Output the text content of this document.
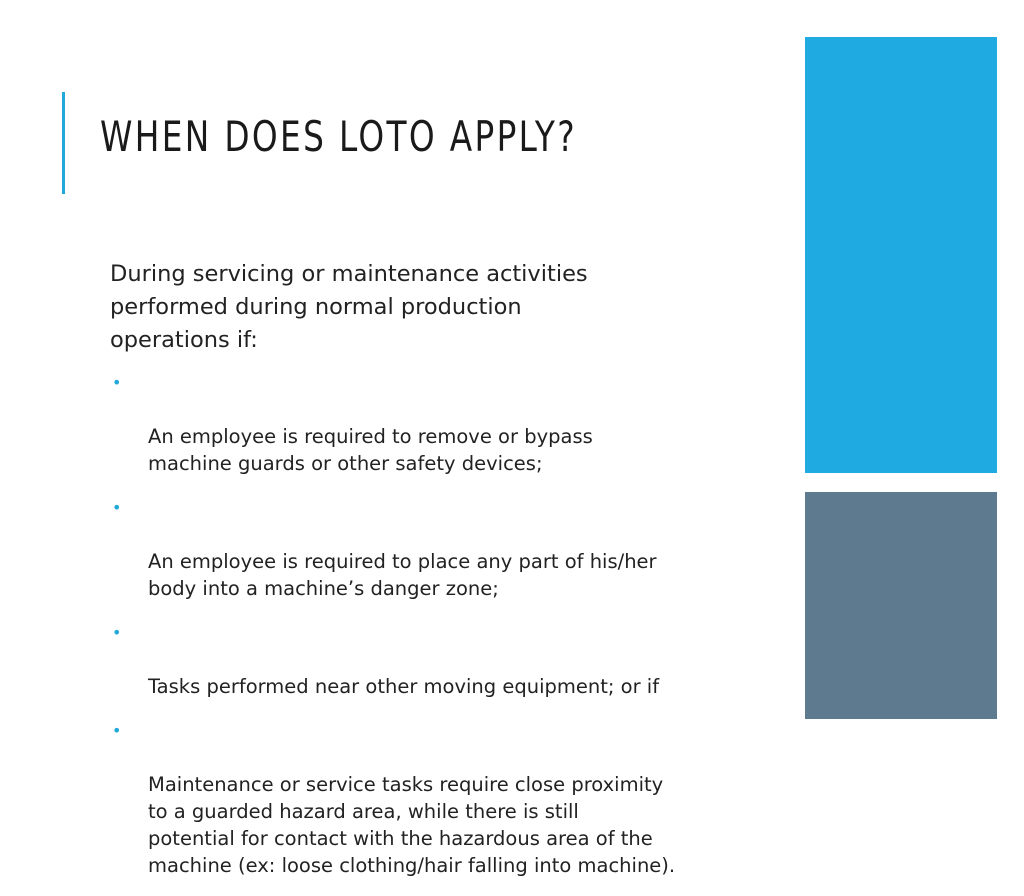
WHEN DOES LOTO APPLY?

During servicing or maintenance activities
performed during normal production
operations if:

•

An employee is required to remove or bypass
machine guards or other safety devices;

•

An employee is required to place any part of his/her
body into a machine’s danger zone;

•

Tasks performed near other moving equipment; or if

•

Maintenance or service tasks require close proximity
to a guarded hazard area, while there is still
potential for contact with the hazardous area of the
machine (ex: loose clothing/hair falling into machine).
